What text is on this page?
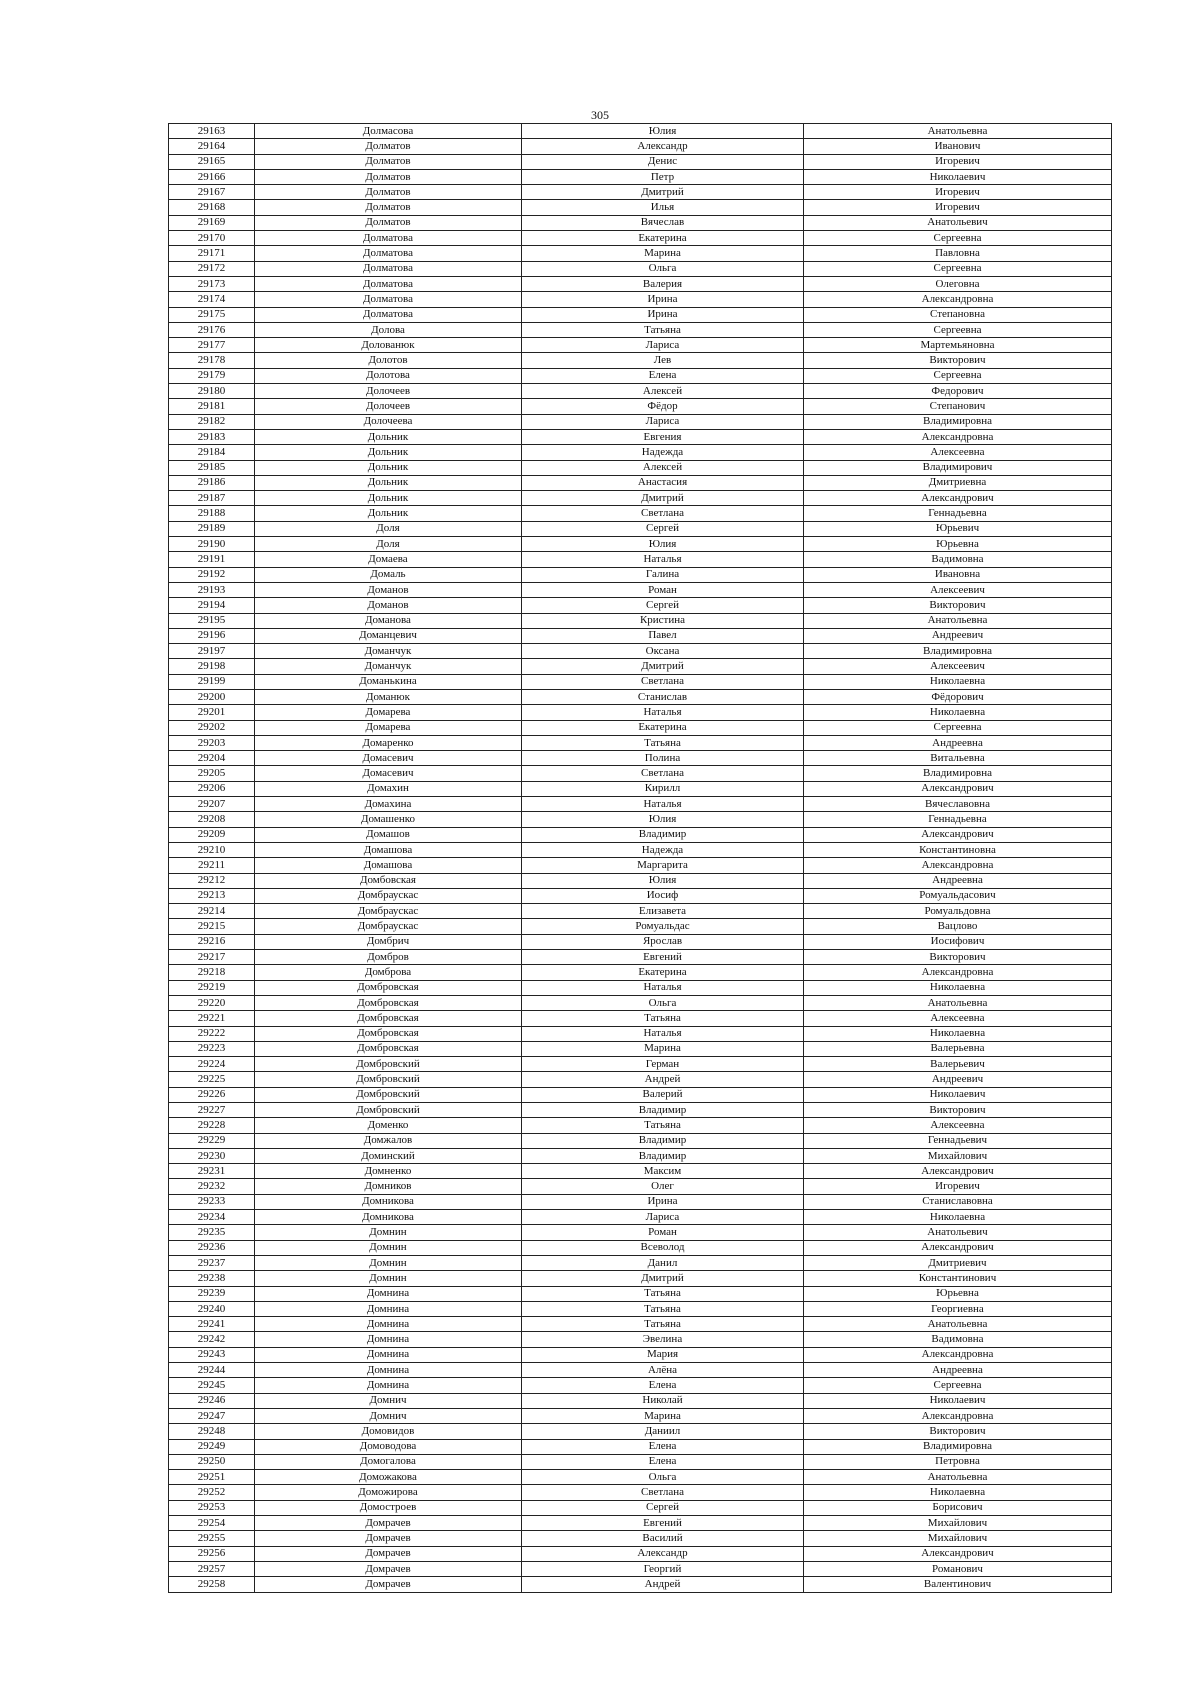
305
29163	Долмасова	Юлия	Анатольевна
29164	Долматов	Александр	Иванович
29165	Долматов	Денис	Игоревич
29166	Долматов	Петр	Николаевич
29167	Долматов	Дмитрий	Игоревич
29168	Долматов	Илья	Игоревич
29169	Долматов	Вячеслав	Анатольевич
29170	Долматова	Екатерина	Сергеевна
29171	Долматова	Марина	Павловна
29172	Долматова	Ольга	Сергеевна
29173	Долматова	Валерия	Олеговна
29174	Долматова	Ирина	Александровна
29175	Долматова	Ирина	Степановна
29176	Долова	Татьяна	Сергеевна
29177	Долованюк	Лариса	Мартемьяновна
29178	Долотов	Лев	Викторович
29179	Долотова	Елена	Сергеевна
29180	Долочеев	Алексей	Федорович
29181	Долочеев	Фёдор	Степанович
29182	Долочеева	Лариса	Владимировна
29183	Дольник	Евгения	Александровна
29184	Дольник	Надежда	Алексеевна
29185	Дольник	Алексей	Владимирович
29186	Дольник	Анастасия	Дмитриевна
29187	Дольник	Дмитрий	Александрович
29188	Дольник	Светлана	Геннадьевна
29189	Доля	Сергей	Юрьевич
29190	Доля	Юлия	Юрьевна
29191	Домаева	Наталья	Вадимовна
29192	Домаль	Галина	Ивановна
29193	Доманов	Роман	Алексеевич
29194	Доманов	Сергей	Викторович
29195	Доманова	Кристина	Анатольевна
29196	Доманцевич	Павел	Андреевич
29197	Доманчук	Оксана	Владимировна
29198	Доманчук	Дмитрий	Алексеевич
29199	Доманькина	Светлана	Николаевна
29200	Доманюк	Станислав	Фёдорович
29201	Домарева	Наталья	Николаевна
29202	Домарева	Екатерина	Сергеевна
29203	Домаренко	Татьяна	Андреевна
29204	Домасевич	Полина	Витальевна
29205	Домасевич	Светлана	Владимировна
29206	Домахин	Кирилл	Александрович
29207	Домахина	Наталья	Вячеславовна
29208	Домашенко	Юлия	Геннадьевна
29209	Домашов	Владимир	Александрович
29210	Домашова	Надежда	Константиновна
29211	Домашова	Маргарита	Александровна
29212	Домбовская	Юлия	Андреевна
29213	Домбраускас	Иосиф	Ромуальдасович
29214	Домбраускас	Елизавета	Ромуальдовна
29215	Домбраускас	Ромуальдас	Вацлово
29216	Домбрич	Ярослав	Иосифович
29217	Домбров	Евгений	Викторович
29218	Домброва	Екатерина	Александровна
29219	Домбровская	Наталья	Николаевна
29220	Домбровская	Ольга	Анатольевна
29221	Домбровская	Татьяна	Алексеевна
29222	Домбровская	Наталья	Николаевна
29223	Домбровская	Марина	Валерьевна
29224	Домбровский	Герман	Валерьевич
29225	Домбровский	Андрей	Андреевич
29226	Домбровский	Валерий	Николаевич
29227	Домбровский	Владимир	Викторович
29228	Доменко	Татьяна	Алексеевна
29229	Домжалов	Владимир	Геннадьевич
29230	Доминский	Владимир	Михайлович
29231	Домненко	Максим	Александрович
29232	Домников	Олег	Игоревич
29233	Домникова	Ирина	Станиславовна
29234	Домникова	Лариса	Николаевна
29235	Домнин	Роман	Анатольевич
29236	Домнин	Всеволод	Александрович
29237	Домнин	Данил	Дмитриевич
29238	Домнин	Дмитрий	Константинович
29239	Домнина	Татьяна	Юрьевна
29240	Домнина	Татьяна	Георгиевна
29241	Домнина	Татьяна	Анатольевна
29242	Домнина	Эвелина	Вадимовна
29243	Домнина	Мария	Александровна
29244	Домнина	Алёна	Андреевна
29245	Домнина	Елена	Сергеевна
29246	Домнич	Николай	Николаевич
29247	Домнич	Марина	Александровна
29248	Домовидов	Даниил	Викторович
29249	Домоводова	Елена	Владимировна
29250	Домогалова	Елена	Петровна
29251	Доможакова	Ольга	Анатольевна
29252	Доможирова	Светлана	Николаевна
29253	Домостроев	Сергей	Борисович
29254	Домрачев	Евгений	Михайлович
29255	Домрачев	Василий	Михайлович
29256	Домрачев	Александр	Александрович
29257	Домрачев	Георгий	Романович
29258	Домрачев	Андрей	Валентинович
